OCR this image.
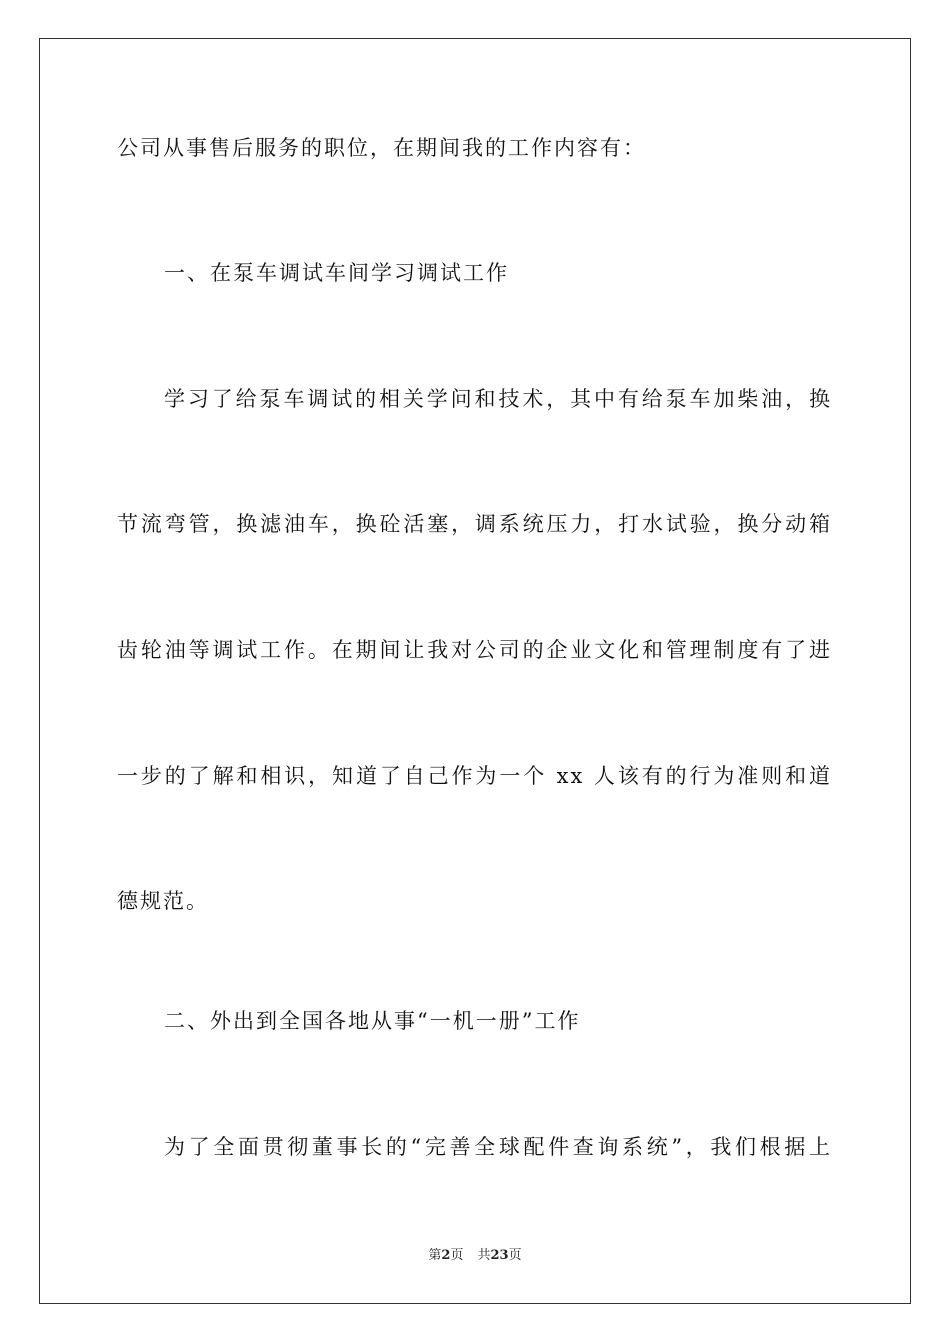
公司从事售后服务的职位，在期间我的工作内容有：
一、在泵车调试车间学习调试工作
学习了给泵车调试的相关学问和技术，其中有给泵车加柴油，换
节流弯管，换滤油车，换砼活塞，调系统压力，打水试验，换分动箱
齿轮油等调试工作。在期间让我对公司的企业文化和管理制度有了进
一步的了解和相识，知道了自己作为一个 xx 人该有的行为准则和道
德规范。
二、外出到全国各地从事“一机一册”工作
为了全面贯彻董事长的“完善全球配件查询系统”，我们根据上
第2页 共23页
